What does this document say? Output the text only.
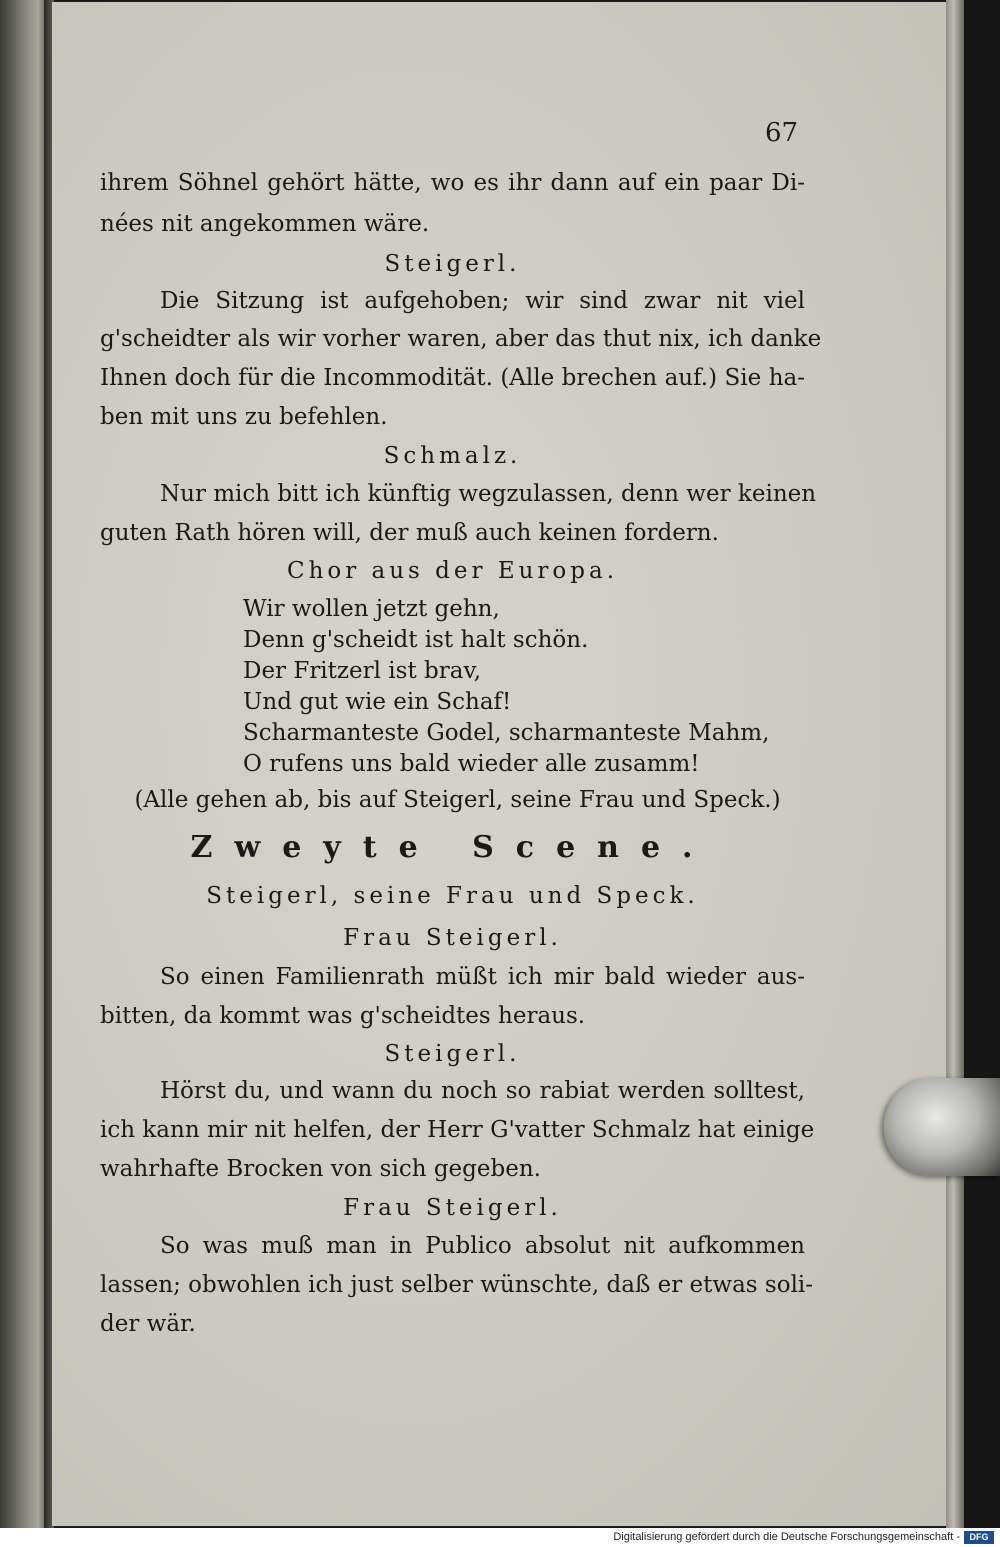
67
ihrem Söhnel gehört hätte, wo es ihr dann auf ein paar Di-
nées nit angekommen wäre.
Steigerl.
Die Sitzung ist aufgehoben; wir sind zwar nit viel
g'scheidter als wir vorher waren, aber das thut nix, ich danke
Ihnen doch für die Incommodität. (Alle brechen auf.) Sie ha-
ben mit uns zu befehlen.
Schmalz.
Nur mich bitt ich künftig wegzulassen, denn wer keinen
guten Rath hören will, der muß auch keinen fordern.
Chor aus der Europa.
Wir wollen jetzt gehn,
Denn g'scheidt ist halt schön.
Der Fritzerl ist brav,
Und gut wie ein Schaf!
Scharmanteste Godel, scharmanteste Mahm,
O rufens uns bald wieder alle zusamm!
(Alle gehen ab, bis auf Steigerl, seine Frau und Speck.)
Zweyte Scene.
Steigerl, seine Frau und Speck.
Frau Steigerl.
So einen Familienrath müßt ich mir bald wieder aus-
bitten, da kommt was g'scheidtes heraus.
Steigerl.
Hörst du, und wann du noch so rabiat werden solltest,
ich kann mir nit helfen, der Herr G'vatter Schmalz hat einige
wahrhafte Brocken von sich gegeben.
Frau Steigerl.
So was muß man in Publico absolut nit aufkommen
lassen; obwohlen ich just selber wünschte, daß er etwas soli-
der wär.
Digitalisierung gefördert durch die Deutsche Forschungsgemeinschaft -	DFG
